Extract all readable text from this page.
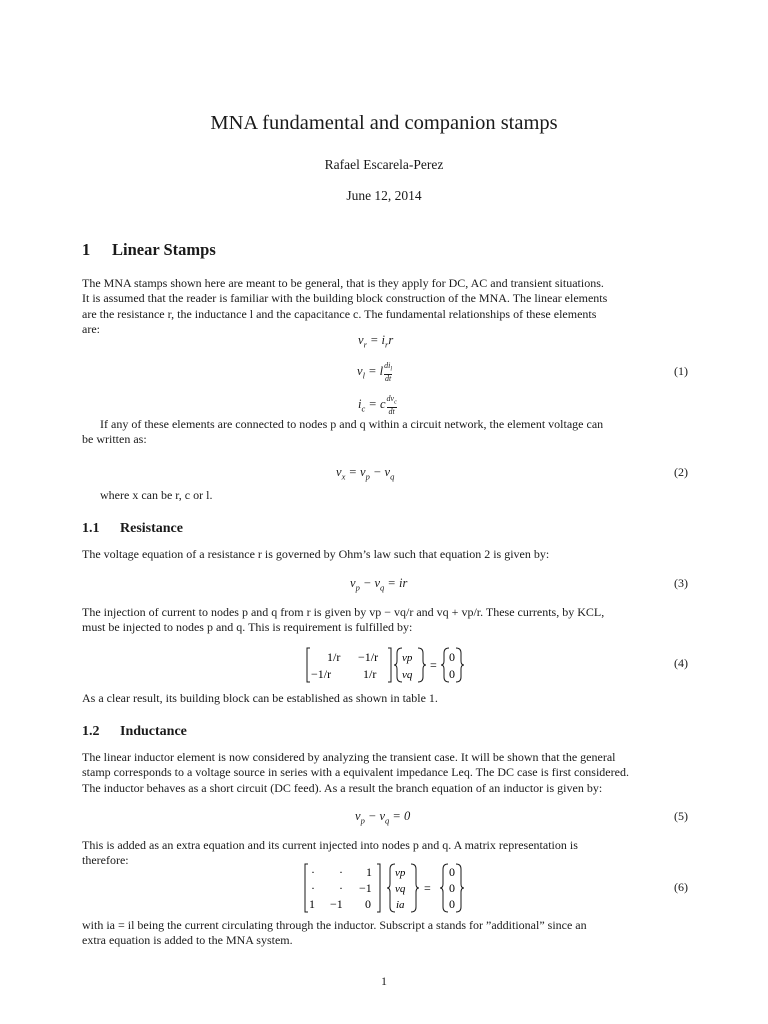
MNA fundamental and companion stamps
Rafael Escarela-Perez
June 12, 2014
1 Linear Stamps
The MNA stamps shown here are meant to be general, that is they apply for DC, AC and transient situations.
It is assumed that the reader is familiar with the building block construction of the MNA. The linear elements
are the resistance r, the inductance l and the capacitance c. The fundamental relationships of these elements
are:
$v_r = i_rr$
$v_l = l$ $di_l$
dt
$i_c = c$ $dv_c$
dt
(1)
If any of these elements are connected to nodes p and q within a circuit network, the element voltage can
be written as:
$v_x = v_p - v_q$	(2)
where x can be r, c or l.
1.1 Resistance
The voltage equation of a resistance r is governed by Ohm’s law such that equation 2 is given by:
$v_p - v_q$ = ir	(3)
The injection of current to nodes p and q from r is given by vp − vq/r and vq + vp/r. These currents, by KCL,
must be injected to nodes p and q. This is requirement is fulfilled by:
1/r −1/r
−1/r	1/r
vp
vq
=
0
0
(4)
As a clear result, its building block can be established as shown in table 1.
1.2 Inductance
The linear inductor element is now considered by analyzing the transient case. It will be shown that the general
stamp corresponds to a voltage source in series with a equivalent impedance Leq. The DC case is first considered.
The inductor behaves as a short circuit (DC feed). As a result the branch equation of an inductor is given by:
$v_p - v_q = 0$	(5)
This is added as an extra equation and its current injected into nodes p and q. A matrix representation is
therefore:
· · 1
· · −1
1 −1 0
vp
vq
ia
=
0
0
0
(6)
with ia = il being the current circulating through the inductor. Subscript a stands for ”additional” since an
extra equation is added to the MNA system.
1
